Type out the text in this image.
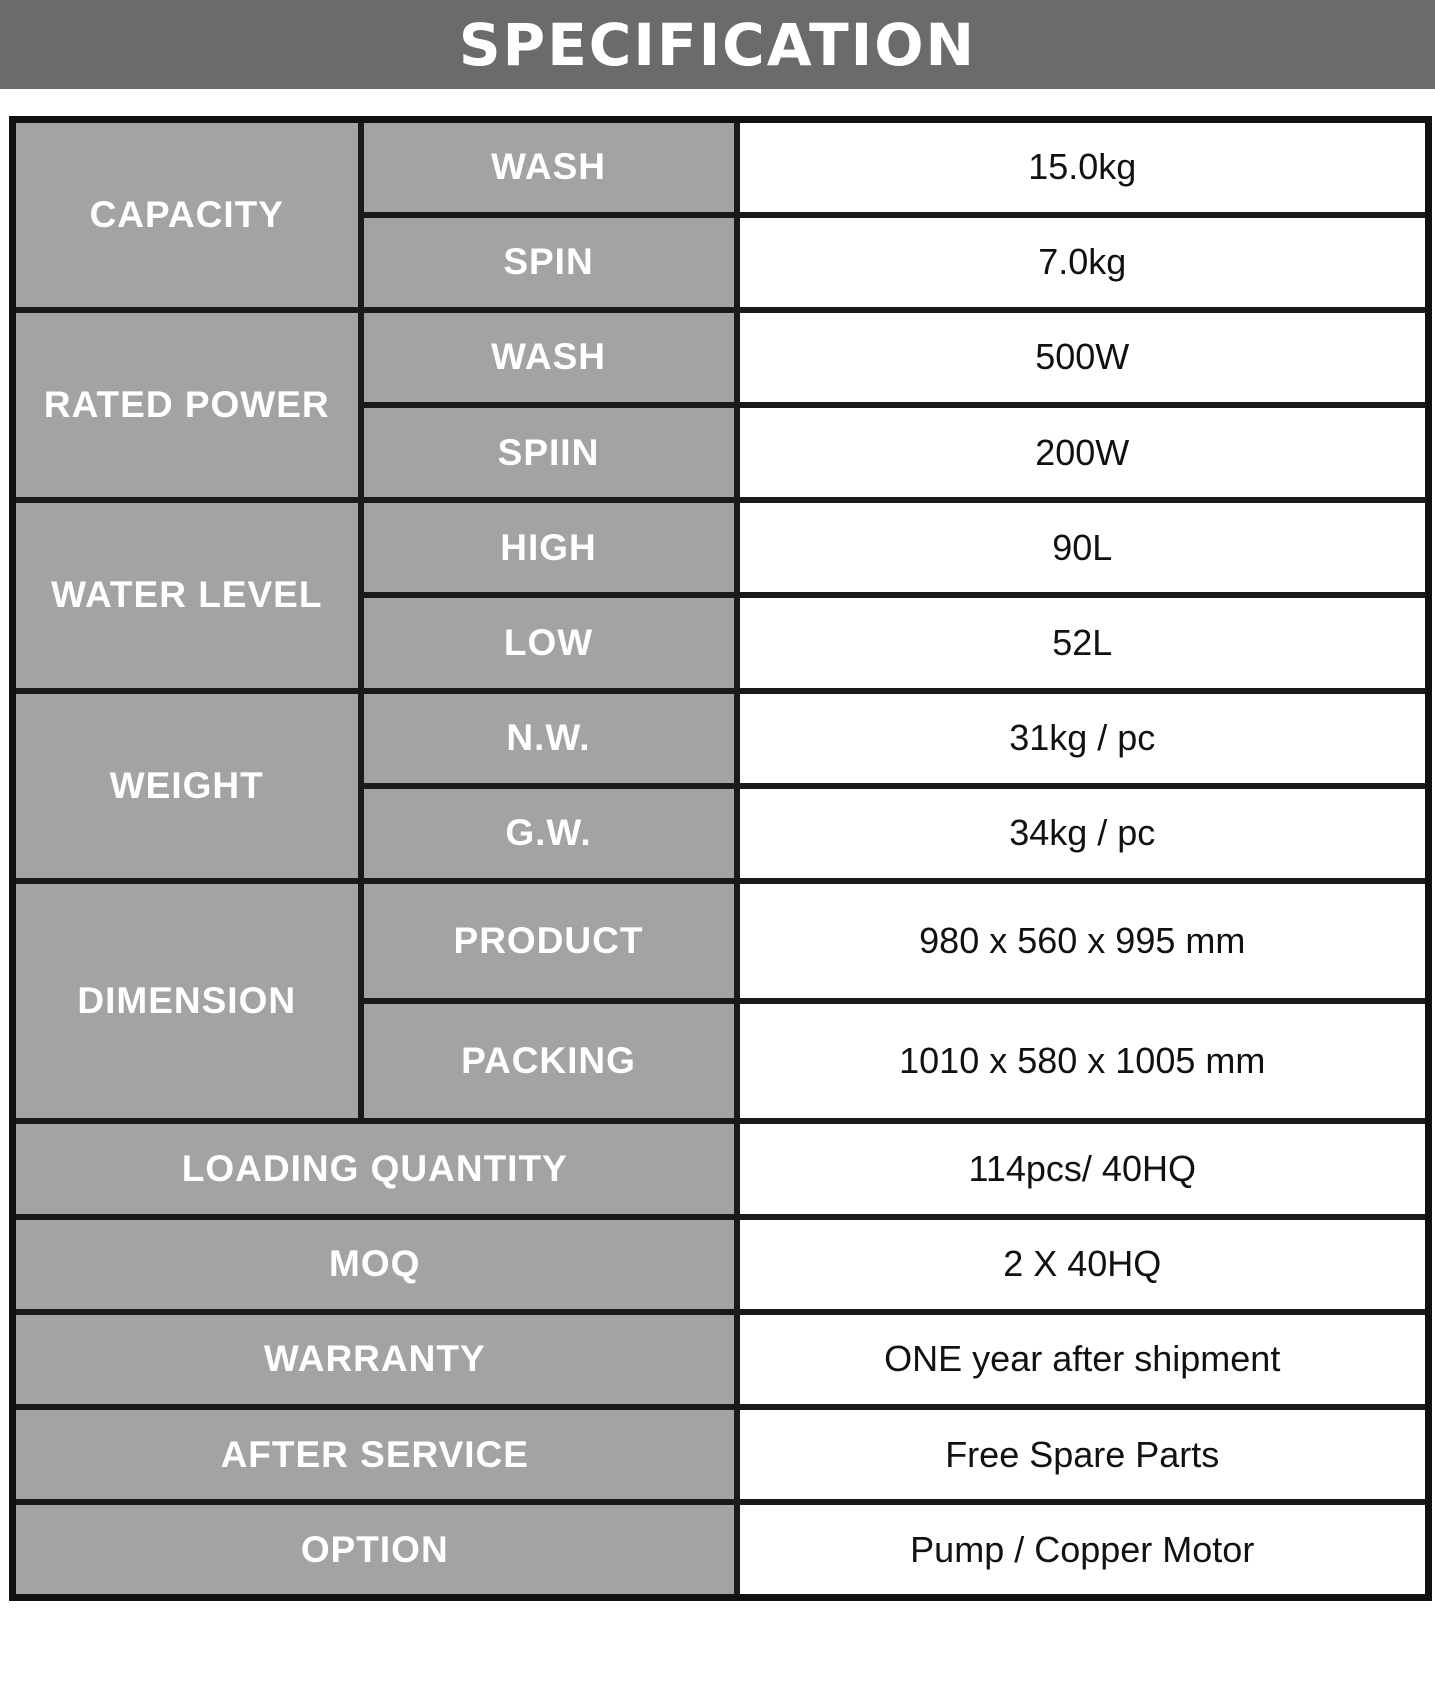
SPECIFICATION
CAPACITY	WASH	15.0kg
	SPIN	7.0kg
RATED POWER	WASH	500W
	SPIIN	200W
WATER LEVEL	HIGH	90L
	LOW	52L
WEIGHT	N.W.	31kg / pc
	G.W.	34kg / pc
DIMENSION	PRODUCT	980 x 560 x 995 mm
	PACKING	1010 x 580 x 1005 mm
LOADING QUANTITY		114pcs/ 40HQ
MOQ		2 X 40HQ
WARRANTY		ONE year after shipment
AFTER SERVICE		Free Spare Parts
OPTION		Pump / Copper Motor
